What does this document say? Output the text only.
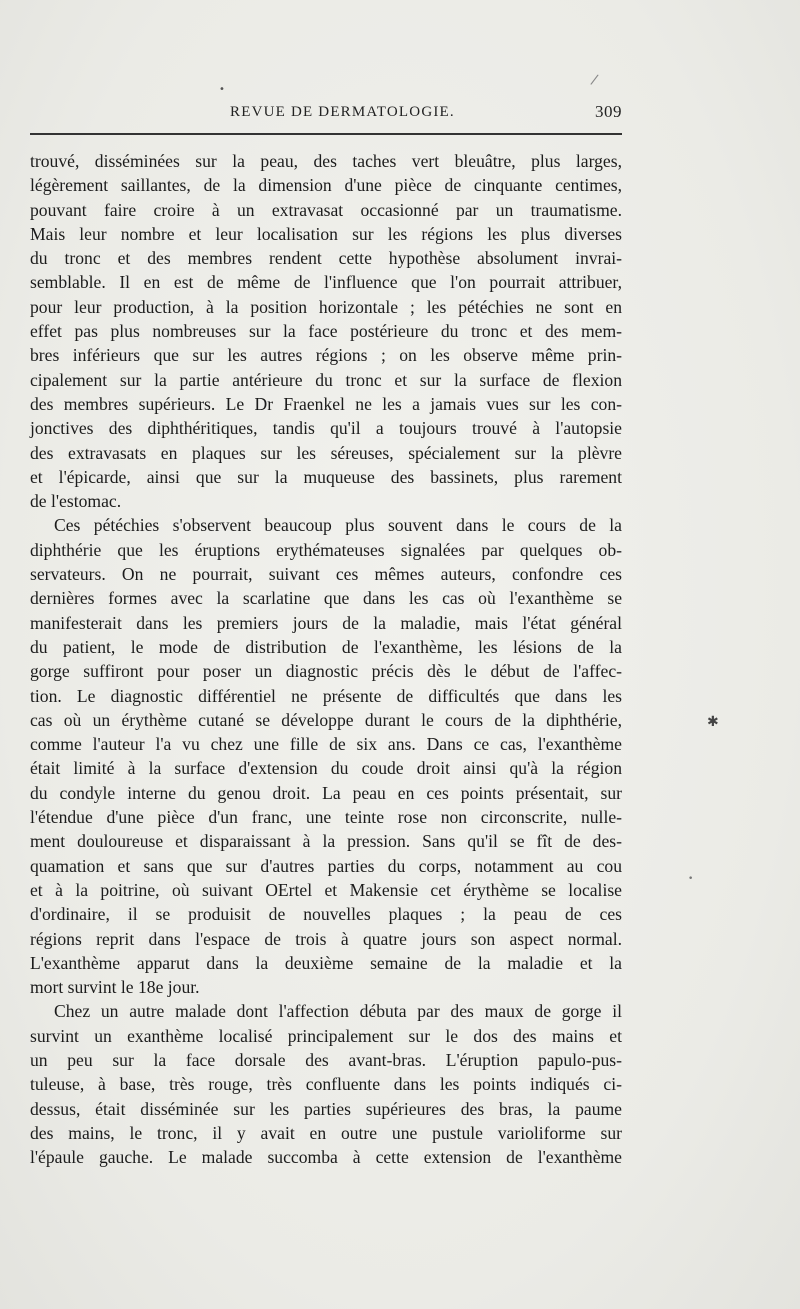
•
/
✱
•
REVUE DE DERMATOLOGIE.	309

trouvé, disséminées sur la peau, des taches vert bleuâtre, plus larges,
légèrement saillantes, de la dimension d'une pièce de cinquante centimes,
pouvant faire croire à un extravasat occasionné par un traumatisme.
Mais leur nombre et leur localisation sur les régions les plus diverses
du tronc et des membres rendent cette hypothèse absolument invrai-
semblable. Il en est de même de l'influence que l'on pourrait attribuer,
pour leur production, à la position horizontale ; les pétéchies ne sont en
effet pas plus nombreuses sur la face postérieure du tronc et des mem-
bres inférieurs que sur les autres régions ; on les observe même prin-
cipalement sur la partie antérieure du tronc et sur la surface de flexion
des membres supérieurs. Le Dr Fraenkel ne les a jamais vues sur les con-
jonctives des diphthéritiques, tandis qu'il a toujours trouvé à l'autopsie
des extravasats en plaques sur les séreuses, spécialement sur la plèvre
et l'épicarde, ainsi que sur la muqueuse des bassinets, plus rarement
de l'estomac.

Ces pétéchies s'observent beaucoup plus souvent dans le cours de la
diphthérie que les éruptions erythémateuses signalées par quelques ob-
servateurs. On ne pourrait, suivant ces mêmes auteurs, confondre ces
dernières formes avec la scarlatine que dans les cas où l'exanthème se
manifesterait dans les premiers jours de la maladie, mais l'état général
du patient, le mode de distribution de l'exanthème, les lésions de la
gorge suffiront pour poser un diagnostic précis dès le début de l'affec-
tion. Le diagnostic différentiel ne présente de difficultés que dans les
cas où un érythème cutané se développe durant le cours de la diphthérie,
comme l'auteur l'a vu chez une fille de six ans. Dans ce cas, l'exanthème
était limité à la surface d'extension du coude droit ainsi qu'à la région
du condyle interne du genou droit. La peau en ces points présentait, sur
l'étendue d'une pièce d'un franc, une teinte rose non circonscrite, nulle-
ment douloureuse et disparaissant à la pression. Sans qu'il se fît de des-
quamation et sans que sur d'autres parties du corps, notamment au cou
et à la poitrine, où suivant OErtel et Makensie cet érythème se localise
d'ordinaire, il se produisit de nouvelles plaques ; la peau de ces
régions reprit dans l'espace de trois à quatre jours son aspect normal.
L'exanthème apparut dans la deuxième semaine de la maladie et la
mort survint le 18e jour.

Chez un autre malade dont l'affection débuta par des maux de gorge il
survint un exanthème localisé principalement sur le dos des mains et
un peu sur la face dorsale des avant-bras. L'éruption papulo-pus-
tuleuse, à base, très rouge, très confluente dans les points indiqués ci-
dessus, était disséminée sur les parties supérieures des bras, la paume
des mains, le tronc, il y avait en outre une pustule varioliforme sur
l'épaule gauche. Le malade succomba à cette extension de l'exanthème
